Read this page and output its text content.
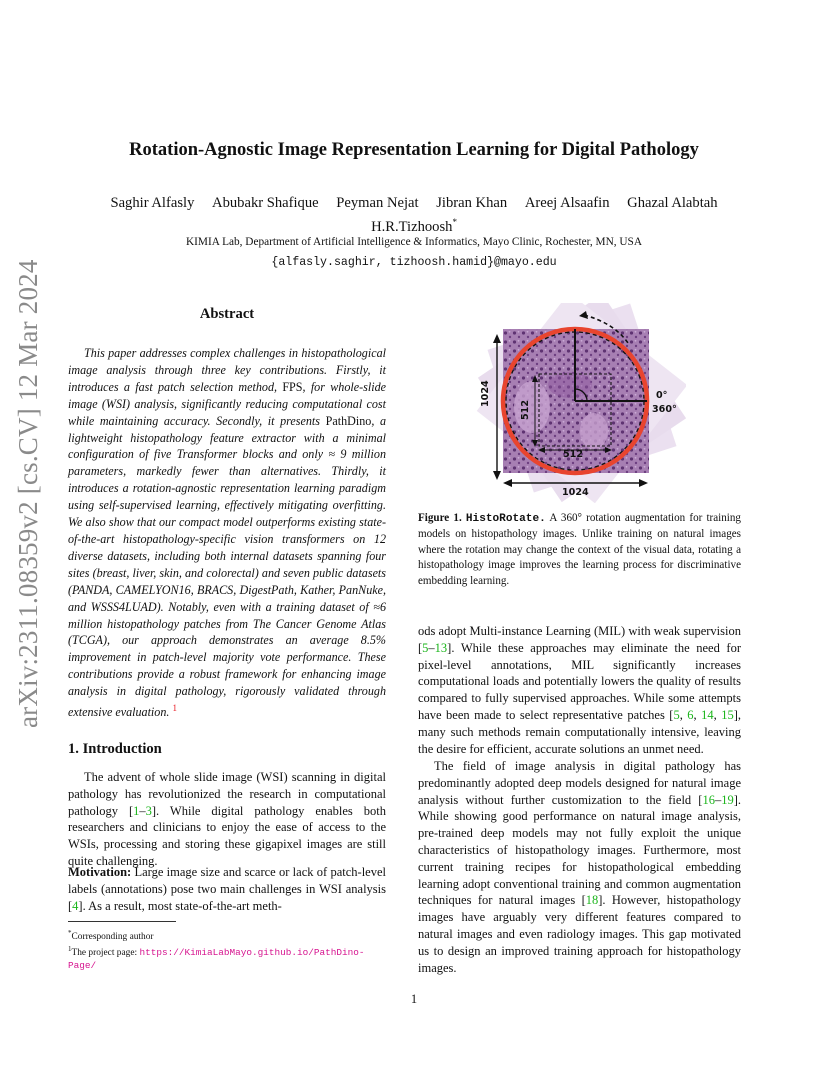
Rotation-Agnostic Image Representation Learning for Digital Pathology
Saghir Alfasly Abubakr Shafique Peyman Nejat Jibran Khan Areej Alsaafin Ghazal Alabtah
H.R.Tizhoosh*
KIMIA Lab, Department of Artificial Intelligence & Informatics, Mayo Clinic, Rochester, MN, USA
{alfasly.saghir, tizhoosh.hamid}@mayo.edu
arXiv:2311.08359v2 [cs.CV] 12 Mar 2024	Abstract

This paper addresses complex challenges in histopathological image analysis through three key contributions. Firstly, it introduces a fast patch selection method, FPS, for whole-slide image (WSI) analysis, significantly reducing computational cost while maintaining accuracy. Secondly, it presents PathDino, a lightweight histopathology feature extractor with a minimal configuration of five Transformer blocks and only ≈ 9 million parameters, markedly fewer than alternatives. Thirdly, it introduces a rotation-agnostic representation learning paradigm using self-supervised learning, effectively mitigating overfitting. We also show that our compact model outperforms existing state-of-the-art histopathology-specific vision transformers on 12 diverse datasets, including both internal datasets spanning four sites (breast, liver, skin, and colorectal) and seven public datasets (PANDA, CAMELYON16, BRACS, DigestPath, Kather, PanNuke, and WSSS4LUAD). Notably, even with a training dataset of ≈6 million histopathology patches from The Cancer Genome Atlas (TCGA), our approach demonstrates an average 8.5% improvement in patch-level majority vote performance. These contributions provide a robust framework for enhancing image analysis in digital pathology, rigorously validated through extensive evaluation. $^1$

1. Introduction

The advent of whole slide image (WSI) scanning in digital pathology has revolutionized the research in computational pathology [1–3]. While digital pathology enables both researchers and clinicians to enjoy the ease of access to the WSIs, processing and storing these gigapixel images are still quite challenging.

Motivation: Large image size and scarce or lack of patch-level labels (annotations) pose two main challenges in WSI analysis [4]. As a result, most state-of-the-art meth-

*Corresponding author
$^1$The project page: https://KimiaLabMayo.github.io/PathDino-Page/
1
1024
512
512
1024
0°
360°
Figure 1. HistoRotate. A 360° rotation augmentation for training models on histopathology images. Unlike training on natural images where the rotation may change the context of the visual data, rotating a histopathology image improves the learning process for discriminative embedding learning.

ods adopt Multi-instance Learning (MIL) with weak supervision [5–13]. While these approaches may eliminate the need for pixel-level annotations, MIL significantly increases computational loads and potentially lowers the quality of results compared to fully supervised approaches. While some attempts have been made to select representative patches [5, 6, 14, 15], many such methods remain computationally intensive, leaving the desire for efficient, accurate solutions an unmet need.

The field of image analysis in digital pathology has predominantly adopted deep models designed for natural image analysis without further customization to the field [16–19]. While showing good performance on natural image analysis, pre-trained deep models may not fully exploit the unique characteristics of histopathology images. Furthermore, most current training recipes for histopathological embedding learning adopt conventional training and common augmentation techniques for natural images [18]. However, histopathology images have arguably very different features compared to natural images and even radiology images. This gap motivated us to design an improved training approach for histopathology images.
